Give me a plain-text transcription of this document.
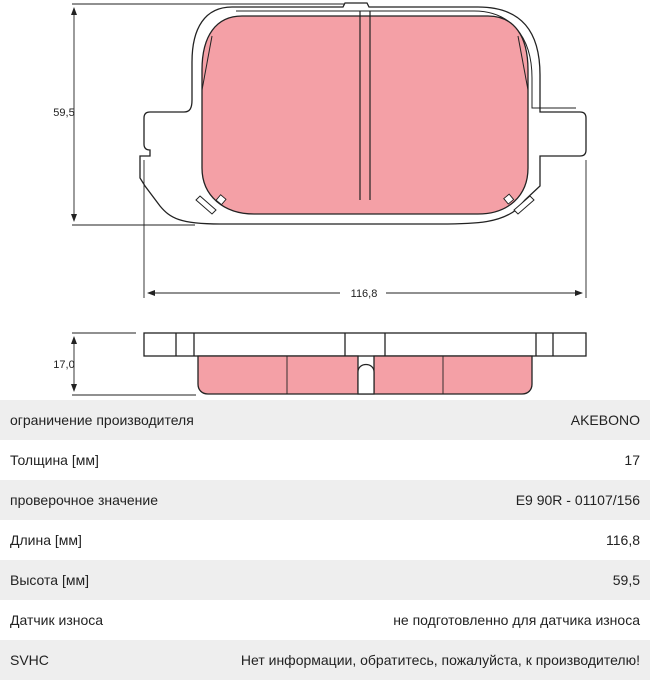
59,5
116,8
17,0
ограничение производителя	AKEBONO
Толщина [мм]	17
проверочное значение	E9 90R - 01107/156
Длина [мм]	116,8
Высота [мм]	59,5
Датчик износа	не подготовленно для датчика износа
SVHC	Нет информации, обратитесь, пожалуйста, к производителю!
